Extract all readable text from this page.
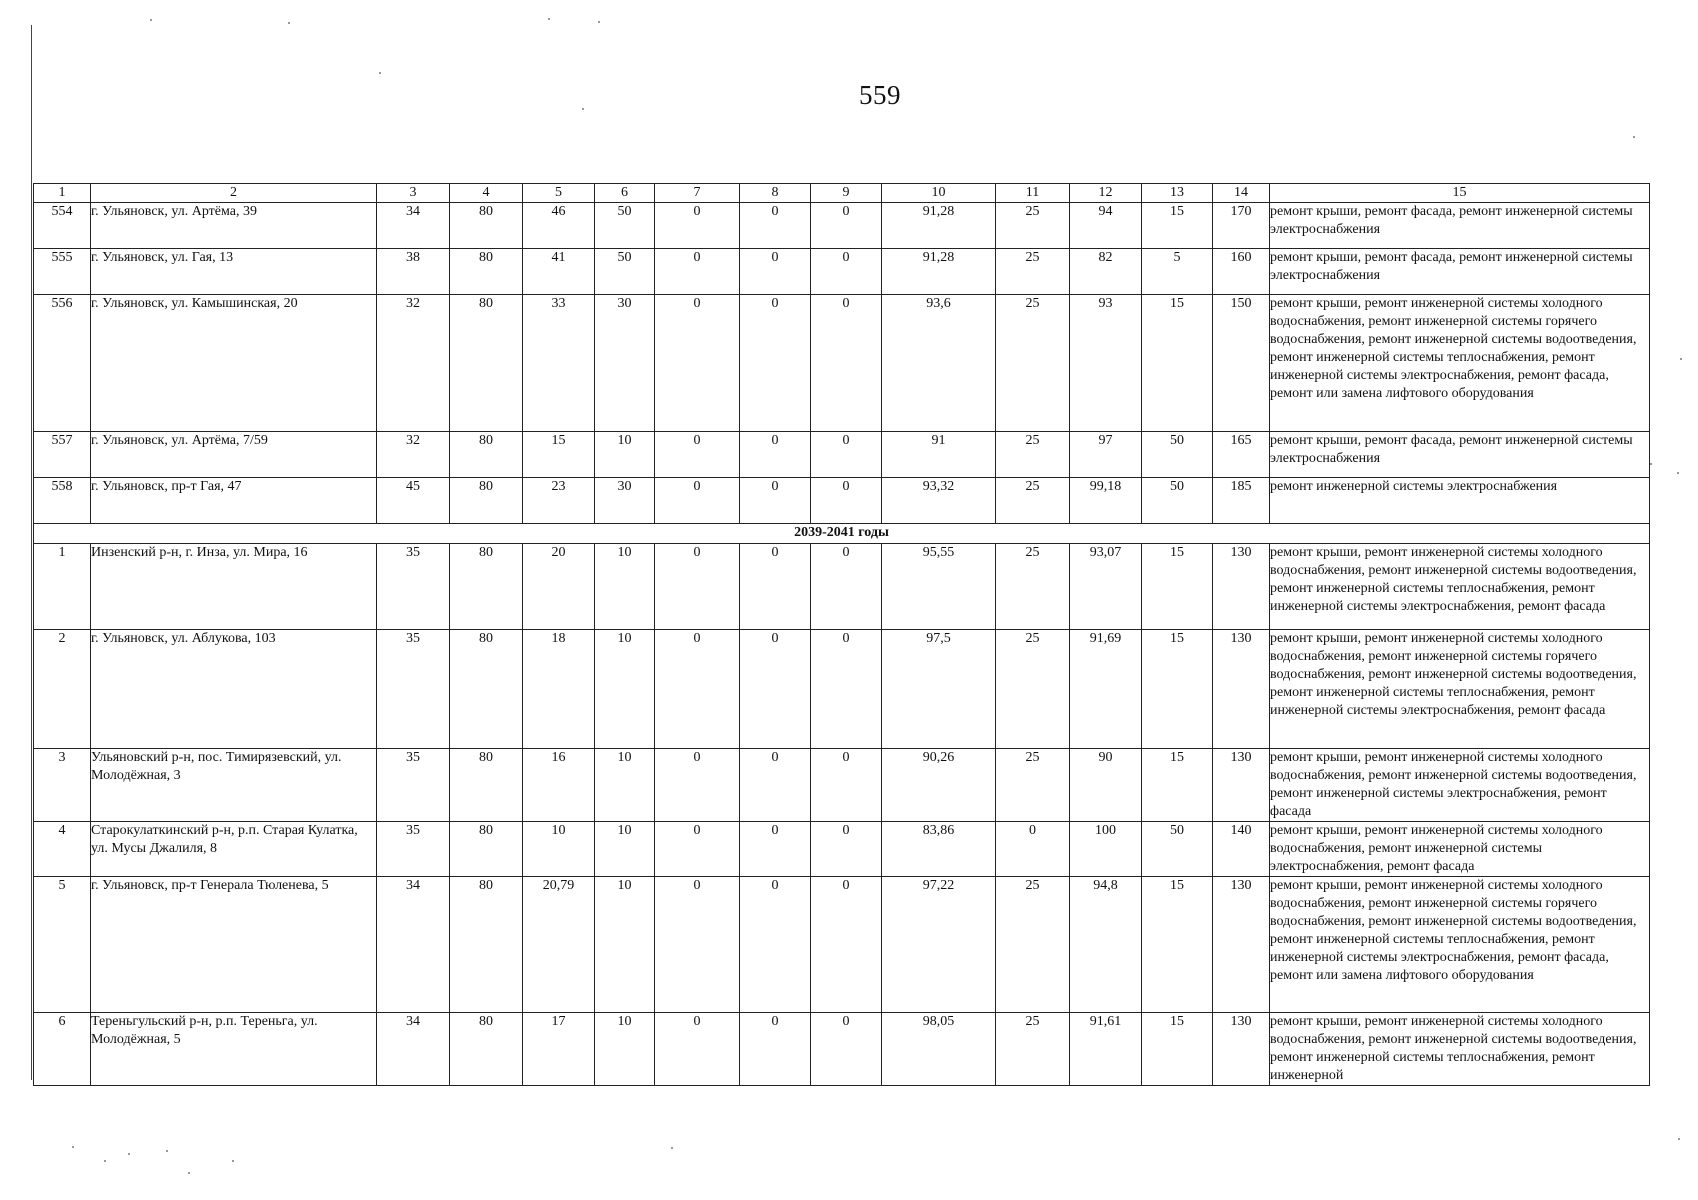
559
1	2	3	4	5	6	7	8	9	10	11	12	13	14	15
554	г. Ульяновск, ул. Артёма, 39	34	80	46	50	0	0	0	91,28	25	94	15	170	ремонт крыши, ремонт фасада, ремонт инженерной системы электроснабжения
555	г. Ульяновск, ул. Гая, 13	38	80	41	50	0	0	0	91,28	25	82	5	160	ремонт крыши, ремонт фасада, ремонт инженерной системы электроснабжения
556	г. Ульяновск, ул. Камышинская, 20	32	80	33	30	0	0	0	93,6	25	93	15	150	ремонт крыши, ремонт инженерной системы холодного водоснабжения, ремонт инженерной системы горячего водоснабжения, ремонт инженерной системы водоотведения, ремонт инженерной системы теплоснабжения, ремонт инженерной системы электроснабжения, ремонт фасада, ремонт или замена лифтового оборудования
557	г. Ульяновск, ул. Артёма, 7/59	32	80	15	10	0	0	0	91	25	97	50	165	ремонт крыши, ремонт фасада, ремонт инженерной системы электроснабжения
558	г. Ульяновск, пр-т Гая, 47	45	80	23	30	0	0	0	93,32	25	99,18	50	185	ремонт инженерной системы электроснабжения
2039-2041 годы														
1	Инзенский р-н, г. Инза, ул. Мира, 16	35	80	20	10	0	0	0	95,55	25	93,07	15	130	ремонт крыши, ремонт инженерной системы холодного водоснабжения, ремонт инженерной системы водоотведения, ремонт инженерной системы теплоснабжения, ремонт инженерной системы электроснабжения, ремонт фасада
2	г. Ульяновск, ул. Аблукова, 103	35	80	18	10	0	0	0	97,5	25	91,69	15	130	ремонт крыши, ремонт инженерной системы холодного водоснабжения, ремонт инженерной системы горячего водоснабжения, ремонт инженерной системы водоотведения, ремонт инженерной системы теплоснабжения, ремонт инженерной системы электроснабжения, ремонт фасада
3	Ульяновский р-н, пос. Тимирязевский, ул. Молодёжная, 3	35	80	16	10	0	0	0	90,26	25	90	15	130	ремонт крыши, ремонт инженерной системы холодного водоснабжения, ремонт инженерной системы водоотведения, ремонт инженерной системы электроснабжения, ремонт фасада
4	Старокулаткинский р-н, р.п. Старая Кулатка, ул. Мусы Джалиля, 8	35	80	10	10	0	0	0	83,86	0	100	50	140	ремонт крыши, ремонт инженерной системы холодного водоснабжения, ремонт инженерной системы электроснабжения, ремонт фасада
5	г. Ульяновск, пр-т Генерала Тюленева, 5	34	80	20,79	10	0	0	0	97,22	25	94,8	15	130	ремонт крыши, ремонт инженерной системы холодного водоснабжения, ремонт инженерной системы горячего водоснабжения, ремонт инженерной системы водоотведения, ремонт инженерной системы теплоснабжения, ремонт инженерной системы электроснабжения, ремонт фасада, ремонт или замена лифтового оборудования
6	Тереньгульский р-н, р.п. Тереньга, ул. Молодёжная, 5	34	80	17	10	0	0	0	98,05	25	91,61	15	130	ремонт крыши, ремонт инженерной системы холодного водоснабжения, ремонт инженерной системы водоотведения, ремонт инженерной системы теплоснабжения, ремонт инженерной
